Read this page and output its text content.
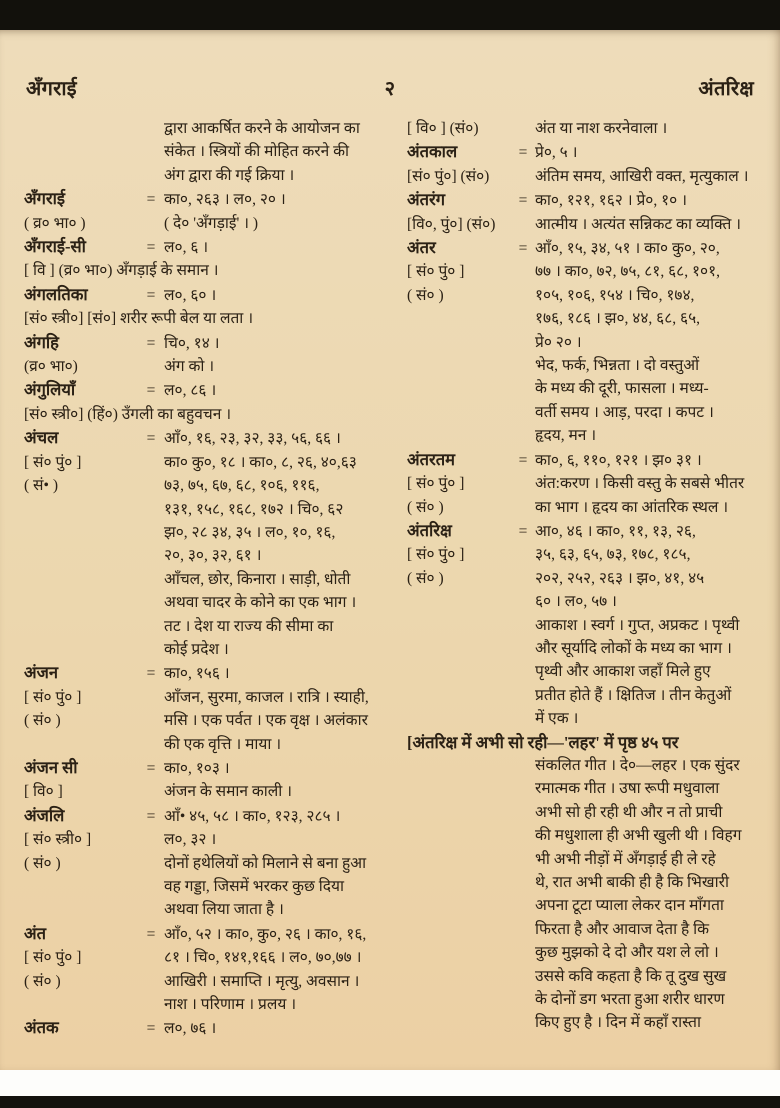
अँगराई	२	अंतरिक्ष
द्वारा आकर्षित करने के आयोजन का
संकेत । स्त्रियों की मोहित करने की
अंग द्वारा की गई क्रिया ।
अँगराई	= का०, २६३ । ल०, २० ।
( व्र० भा० )	( दे० 'अँगड़ाई' । )
अँगराई-सी	= ल०, ६ ।
[ वि ] (व्र० भा०) अँगड़ाई के समान ।
अंगलतिका	= ल०, ६० ।
[सं० स्त्री०] [सं०] शरीर रूपी बेल या लता ।
अंगहि	= चि०, १४ ।
(व्र० भा०)	अंग को ।
अंगुलियाँ	= ल०, ८६ ।
[सं० स्त्री०] (हिं०) उँगली का बहुवचन ।
अंचल	= आँ०, १६, २३, ३२, ३३, ५६, ६६ ।
[ सं० पुं० ]	का० कु०, १८ । का०, ८, २६, ४०,६३
( सं• )	७३, ७५, ६७, ६८, १०६, ११६,
१३१, १५८, १६८, १७२ । चि०, ६२
झ०, २८ ३४, ३५ । ल०, १०, १६,
२०, ३०, ३२, ६१ ।
आँचल, छोर, किनारा । साड़ी, धोती
अथवा चादर के कोने का एक भाग ।
तट । देश या राज्य की सीमा का
कोई प्रदेश ।
अंजन	= का०, १५६ ।
[ सं० पुं० ]	आँजन, सुरमा, काजल । रात्रि । स्याही,
( सं० )	मसि । एक पर्वत । एक वृक्ष । अलंकार
की एक वृत्ति । माया ।
अंजन सी	= का०, १०३ ।
[ वि० ]	अंजन के समान काली ।
अंजलि	= आँ• ४५, ५८ । का०, १२३, २८५ ।
[ सं० स्त्री० ]	ल०, ३२ ।
( सं० )	दोनों हथेलियों को मिलाने से बना हुआ
वह गड्डा, जिसमें भरकर कुछ दिया
अथवा लिया जाता है ।
अंत	= आँ०, ५२ । का०, कु०, २६ । का०, १६,
[ सं० पुं० ]	८१ । चि०, १४१,१६६ । ल०, ७०,७७ ।
( सं० )	आखिरी । समाप्ति । मृत्यु, अवसान ।
नाश । परिणाम । प्रलय ।
अंतक	= ल०, ७६ ।
[ वि० ] (सं०)	अंत या नाश करनेवाला ।
अंतकाल	= प्रे०, ५ ।
[सं० पुं०] (सं०)	अंतिम समय, आखिरी वक्त, मृत्युकाल ।
अंतरंग	= का०, १२१, १६२ । प्रे०, १० ।
[वि०, पुं०] (सं०)	आत्मीय । अत्यंत सन्निकट का व्यक्ति ।
अंतर	= आँ०, १५, ३४, ५१ । का० कु०, २०,
[ सं० पुं० ]	७७ । का०, ७२, ७५, ८१, ६८, १०१,
( सं० )	१०५, १०६, १५४ । चि०, १७४,
१७६, १८६ । झ०, ४४, ६८, ६५,
प्रे० २० ।
भेद, फर्क, भिन्नता । दो वस्तुओं
के मध्य की दूरी, फासला । मध्य-
वर्ती समय । आड़, परदा । कपट ।
हृदय, मन ।
अंतरतम	= का०, ६, ११०, १२१ । झ० ३१ ।
[ सं० पुं० ]	अंत:करण । किसी वस्तु के सबसे भीतर
( सं० )	का भाग । हृदय का आंतरिक स्थल ।
अंतरिक्ष	= आ०, ४६ । का०, ११, १३, २६,
[ सं० पुं० ]	३५, ६३, ६५, ७३, १७८, १८५,
( सं० )	२०२, २५२, २६३ । झ०, ४१, ४५
६० । ल०, ५७ ।
आकाश । स्वर्ग । गुप्त, अप्रकट । पृथ्वी
और सूर्यादि लोकों के मध्य का भाग ।
पृथ्वी और आकाश जहाँ मिले हुए
प्रतीत होते हैं । क्षितिज । तीन केतुओं
में एक ।
[अंतरिक्ष में अभी सो रही—'लहर' में पृष्ठ ४५ पर
संकलित गीत । दे०—लहर । एक सुंदर
रमात्मक गीत । उषा रूपी मधुवाला
अभी सो ही रही थी और न तो प्राची
की मधुशाला ही अभी खुली थी । विहग
भी अभी नीड़ों में अँगड़ाई ही ले रहे
थे, रात अभी बाकी ही है कि भिखारी
अपना टूटा प्याला लेकर दान माँगता
फिरता है और आवाज देता है कि
कुछ मुझको दे दो और यश ले लो ।
उससे कवि कहता है कि तू दुख सुख
के दोनों डग भरता हुआ शरीर धारण
किए हुए है । दिन में कहाँ रास्ता
